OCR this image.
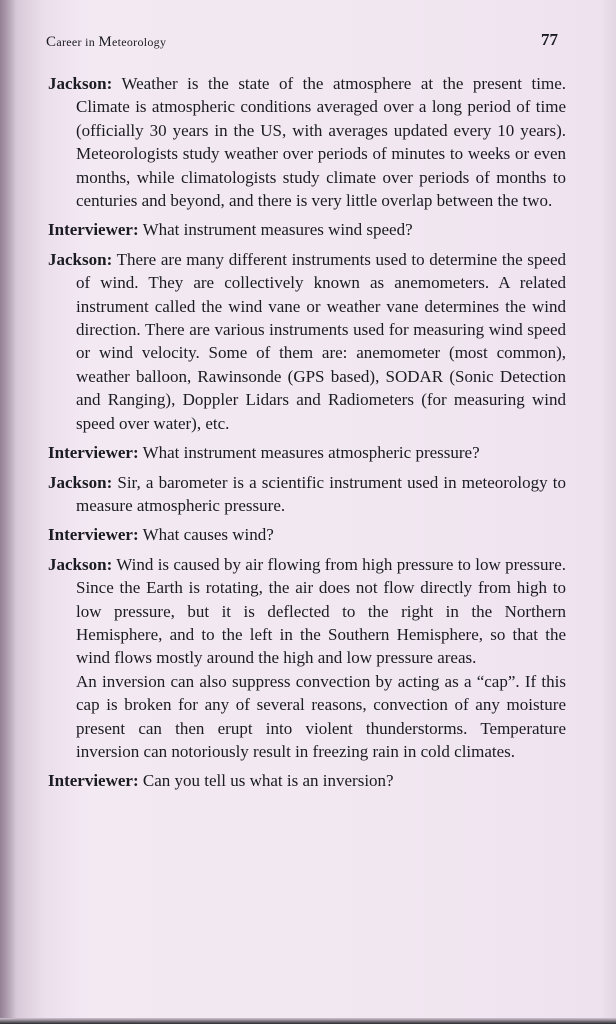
Career in Meteorology	77
Jackson: Weather is the state of the atmosphere at the present time. Climate is atmospheric conditions averaged over a long period of time (officially 30 years in the US, with averages updated every 10 years). Meteorologists study weather over periods of minutes to weeks or even months, while climatologists study climate over periods of months to centuries and beyond, and there is very little overlap between the two.
Interviewer: What instrument measures wind speed?
Jackson: There are many different instruments used to determine the speed of wind. They are collectively known as anemometers. A related instrument called the wind vane or weather vane determines the wind direction. There are various instruments used for measuring wind speed or wind velocity. Some of them are: anemometer (most common), weather balloon, Rawinsonde (GPS based), SODAR (Sonic Detection and Ranging), Doppler Lidars and Radiometers (for measuring wind speed over water), etc.
Interviewer: What instrument measures atmospheric pressure?
Jackson: Sir, a barometer is a scientific instrument used in meteorology to measure atmospheric pressure.
Interviewer: What causes wind?
Jackson: Wind is caused by air flowing from high pressure to low pressure. Since the Earth is rotating, the air does not flow directly from high to low pressure, but it is deflected to the right in the Northern Hemisphere, and to the left in the Southern Hemisphere, so that the wind flows mostly around the high and low pressure areas.

An inversion can also suppress convection by acting as a “cap”. If this cap is broken for any of several reasons, convection of any moisture present can then erupt into violent thunderstorms. Temperature inversion can notoriously result in freezing rain in cold climates.

Interviewer: Can you tell us what is an inversion?
